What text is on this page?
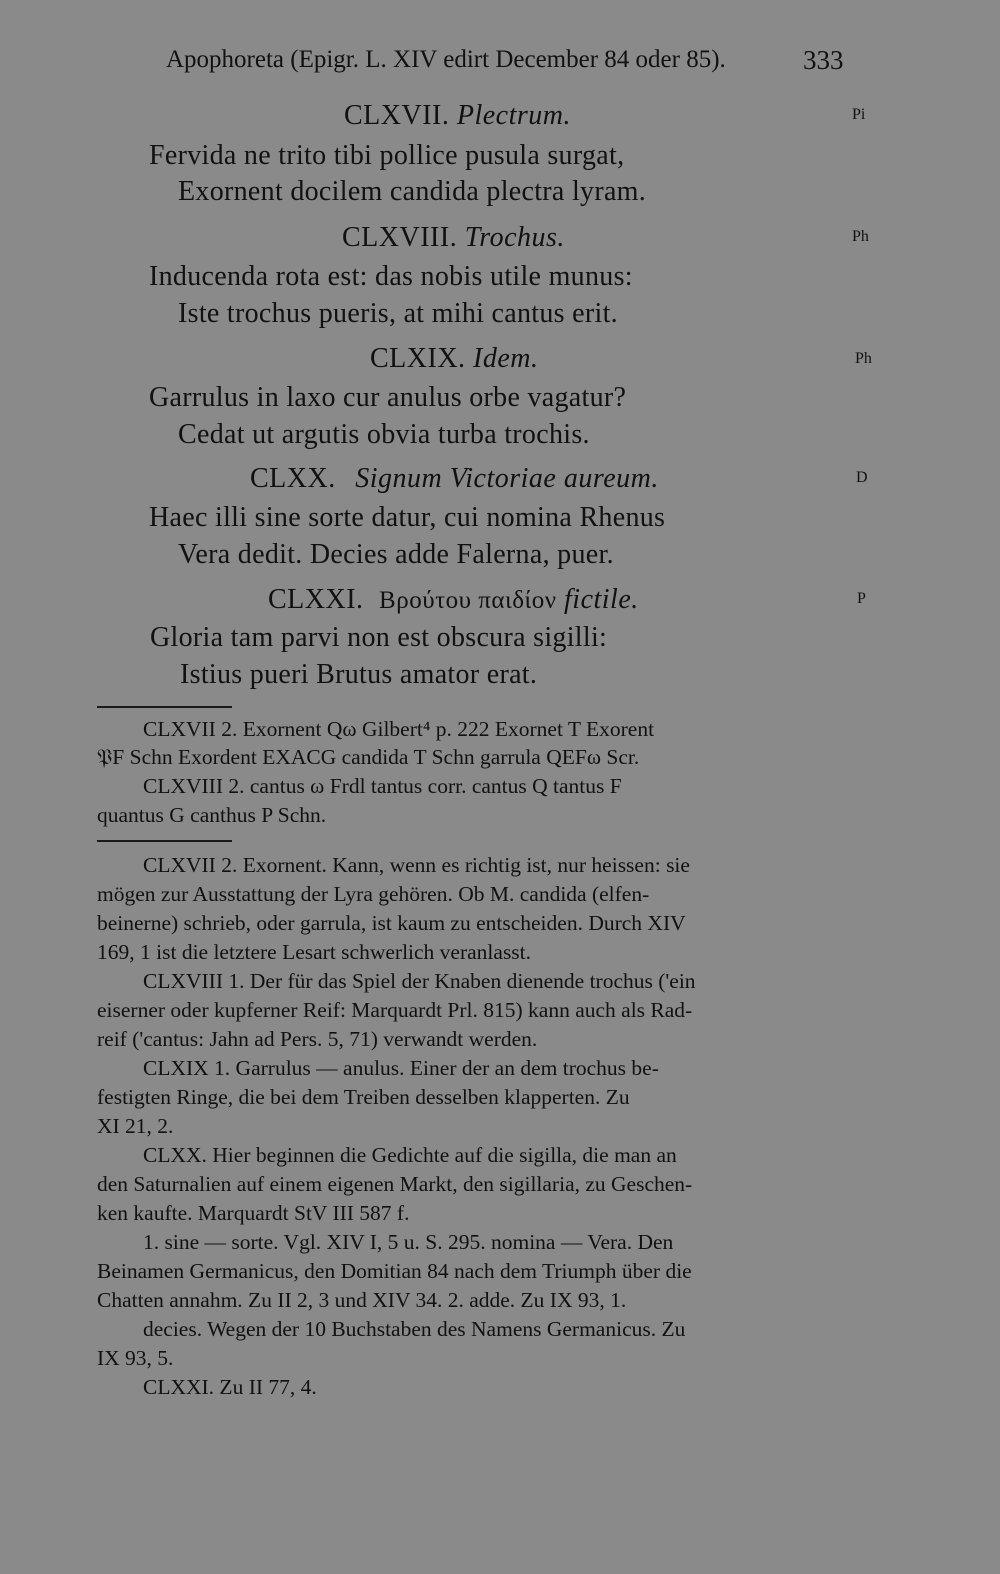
Apophoreta (Epigr. L. XIV edirt December 84 oder 85).	333
CLXVII. Plectrum.	Pi
Fervida ne trito tibi pollice pusula surgat,
Exornent docilem candida plectra lyram.
CLXVIII. Trochus.	Ph
Inducenda rota est: das nobis utile munus:
Iste trochus pueris, at mihi cantus erit.
CLXIX. Idem.	Ph
Garrulus in laxo cur anulus orbe vagatur?
Cedat ut argutis obvia turba trochis.
CLXX. Signum Victoriae aureum.	D
Haec illi sine sorte datur, cui nomina Rhenus
Vera dedit. Decies adde Falerna, puer.
CLXXI. Βρούτου παιδίον fictile.	P
Gloria tam parvi non est obscura sigilli:
Istius pueri Brutus amator erat.
CLXVII 2. Exornent Qω Gilbert⁴ p. 222 Exornet T Exorent
𝔓F Schn Exordent EXACG candida T Schn garrula QEFω Scr.
CLXVIII 2. cantus ω Frdl tantus corr. cantus Q tantus F
quantus G canthus P Schn.
CLXVII 2. Exornent. Kann, wenn es richtig ist, nur heissen: sie
mögen zur Ausstattung der Lyra gehören. Ob M. candida (elfen-
beinerne) schrieb, oder garrula, ist kaum zu entscheiden. Durch XIV
169, 1 ist die letztere Lesart schwerlich veranlasst.
CLXVIII 1. Der für das Spiel der Knaben dienende trochus ('ein
eiserner oder kupferner Reif: Marquardt Prl. 815) kann auch als Rad-
reif ('cantus: Jahn ad Pers. 5, 71) verwandt werden.
CLXIX 1. Garrulus — anulus. Einer der an dem trochus be-
festigten Ringe, die bei dem Treiben desselben klapperten. Zu
XI 21, 2.
CLXX. Hier beginnen die Gedichte auf die sigilla, die man an
den Saturnalien auf einem eigenen Markt, den sigillaria, zu Geschen-
ken kaufte. Marquardt StV III 587 f.
1. sine — sorte. Vgl. XIV I, 5 u. S. 295. nomina — Vera. Den
Beinamen Germanicus, den Domitian 84 nach dem Triumph über die
Chatten annahm. Zu II 2, 3 und XIV 34. 2. adde. Zu IX 93, 1.
decies. Wegen der 10 Buchstaben des Namens Germanicus. Zu
IX 93, 5.
CLXXI. Zu II 77, 4.
